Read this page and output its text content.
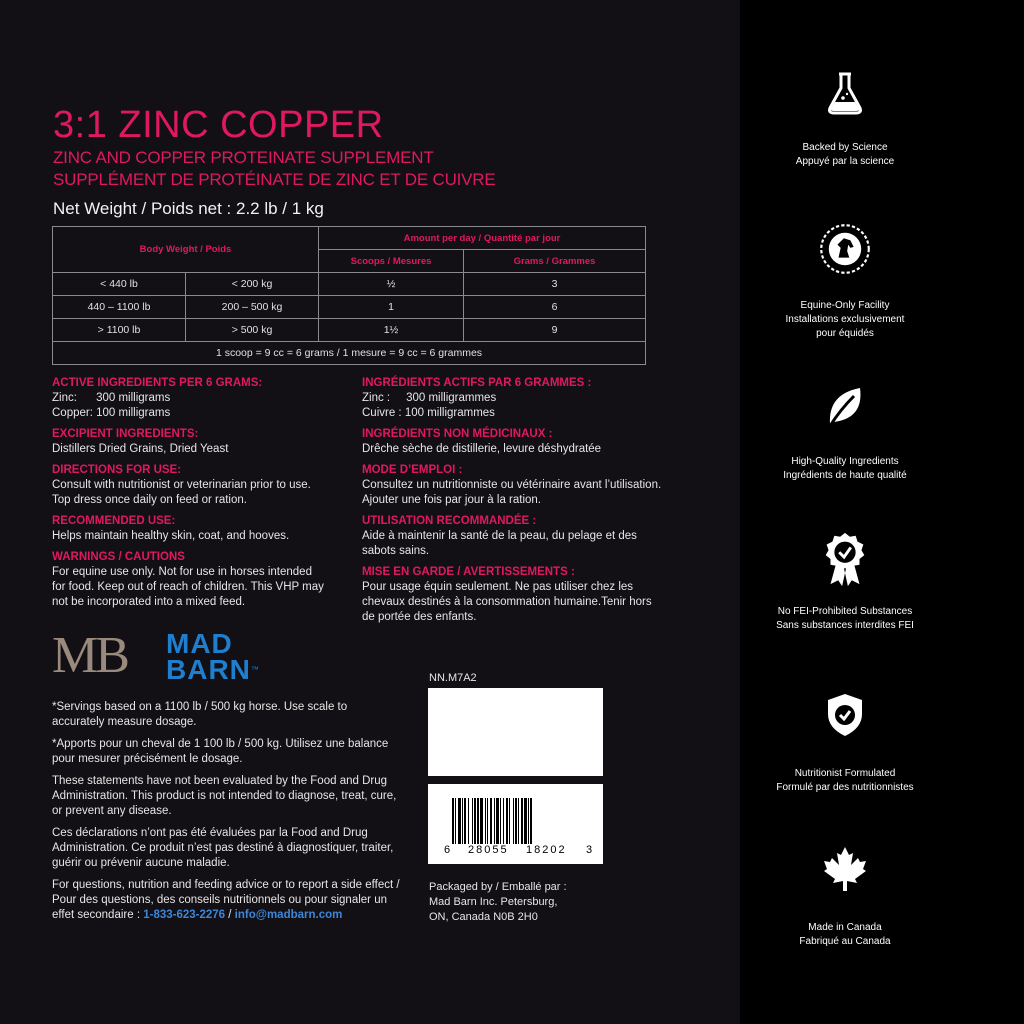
3:1 ZINC COPPER
ZINC AND COPPER PROTEINATE SUPPLEMENT
SUPPLÉMENT DE PROTÉINATE DE ZINC ET DE CUIVRE
Net Weight / Poids net : 2.2 lb / 1 kg
Body Weight / Poids		Amount per day / Quantité par jour	
		Scoops / Mesures	Grams / Grammes
< 440 lb	< 200 kg	½	3
440 – 1100 lb	200 – 500 kg	1	6
> 1100 lb	> 500 kg	1½	9
1 scoop = 9 cc = 6 grams / 1 mesure = 9 cc = 6 grammes			
ACTIVE INGREDIENTS PER 6 GRAMS:
Zinc:      300 milligrams
Copper: 100 milligrams
EXCIPIENT INGREDIENTS:
Distillers Dried Grains, Dried Yeast
DIRECTIONS FOR USE:
Consult with nutritionist or veterinarian prior to use.
Top dress once daily on feed or ration.
RECOMMENDED USE:
Helps maintain healthy skin, coat, and hooves.
WARNINGS / CAUTIONS
For equine use only. Not for use in horses intended
for food. Keep out of reach of children. This VHP may
not be incorporated into a mixed feed.
INGRÉDIENTS ACTIFS PAR 6 GRAMMES :
Zinc :     300 milligrammes
Cuivre : 100 milligrammes
INGRÉDIENTS NON MÉDICINAUX :
Drêche sèche de distillerie, levure déshydratée
MODE D’EMPLOI :
Consultez un nutritionniste ou vétérinaire avant l’utilisation.
Ajouter une fois par jour à la ration.
UTILISATION RECOMMANDÉE :
Aide à maintenir la santé de la peau, du pelage et des
sabots sains.
MISE EN GARDE / AVERTISSEMENTS :
Pour usage équin seulement. Ne pas utiliser chez les
chevaux destinés à la consommation humaine.Tenir hors
de portée des enfants.
MB MAD
BARN™

*Servings based on a 1100 lb / 500 kg horse. Use scale to accurately measure dosage.

*Apports pour un cheval de 1 100 lb / 500 kg. Utilisez une balance pour mesurer précisément le dosage.

These statements have not been evaluated by the Food and Drug Administration. This product is not intended to diagnose, treat, cure, or prevent any disease.

Ces déclarations n’ont pas été évaluées par la Food and Drug Administration. Ce produit n’est pas destiné à diagnostiquer, traiter, guérir ou prévenir aucune maladie.

For questions, nutrition and feeding advice or to report a side effect / Pour des questions, des conseils nutritionnels ou pour signaler un effet secondaire : 1-833-623-2276 / info@madbarn.com

NN.M7A2
6 28055 18202 3
Packaged by / Emballé par :
Mad Barn Inc. Petersburg,
ON, Canada N0B 2H0
Backed by Science
Appuyé par la science
Equine-Only Facility
Installations exclusivement
pour équidés
High-Quality Ingredients
Ingrédients de haute qualité
No FEI-Prohibited Substances
Sans substances interdites FEI
Nutritionist Formulated
Formulé par des nutritionnistes
Made in Canada
Fabriqué au Canada
